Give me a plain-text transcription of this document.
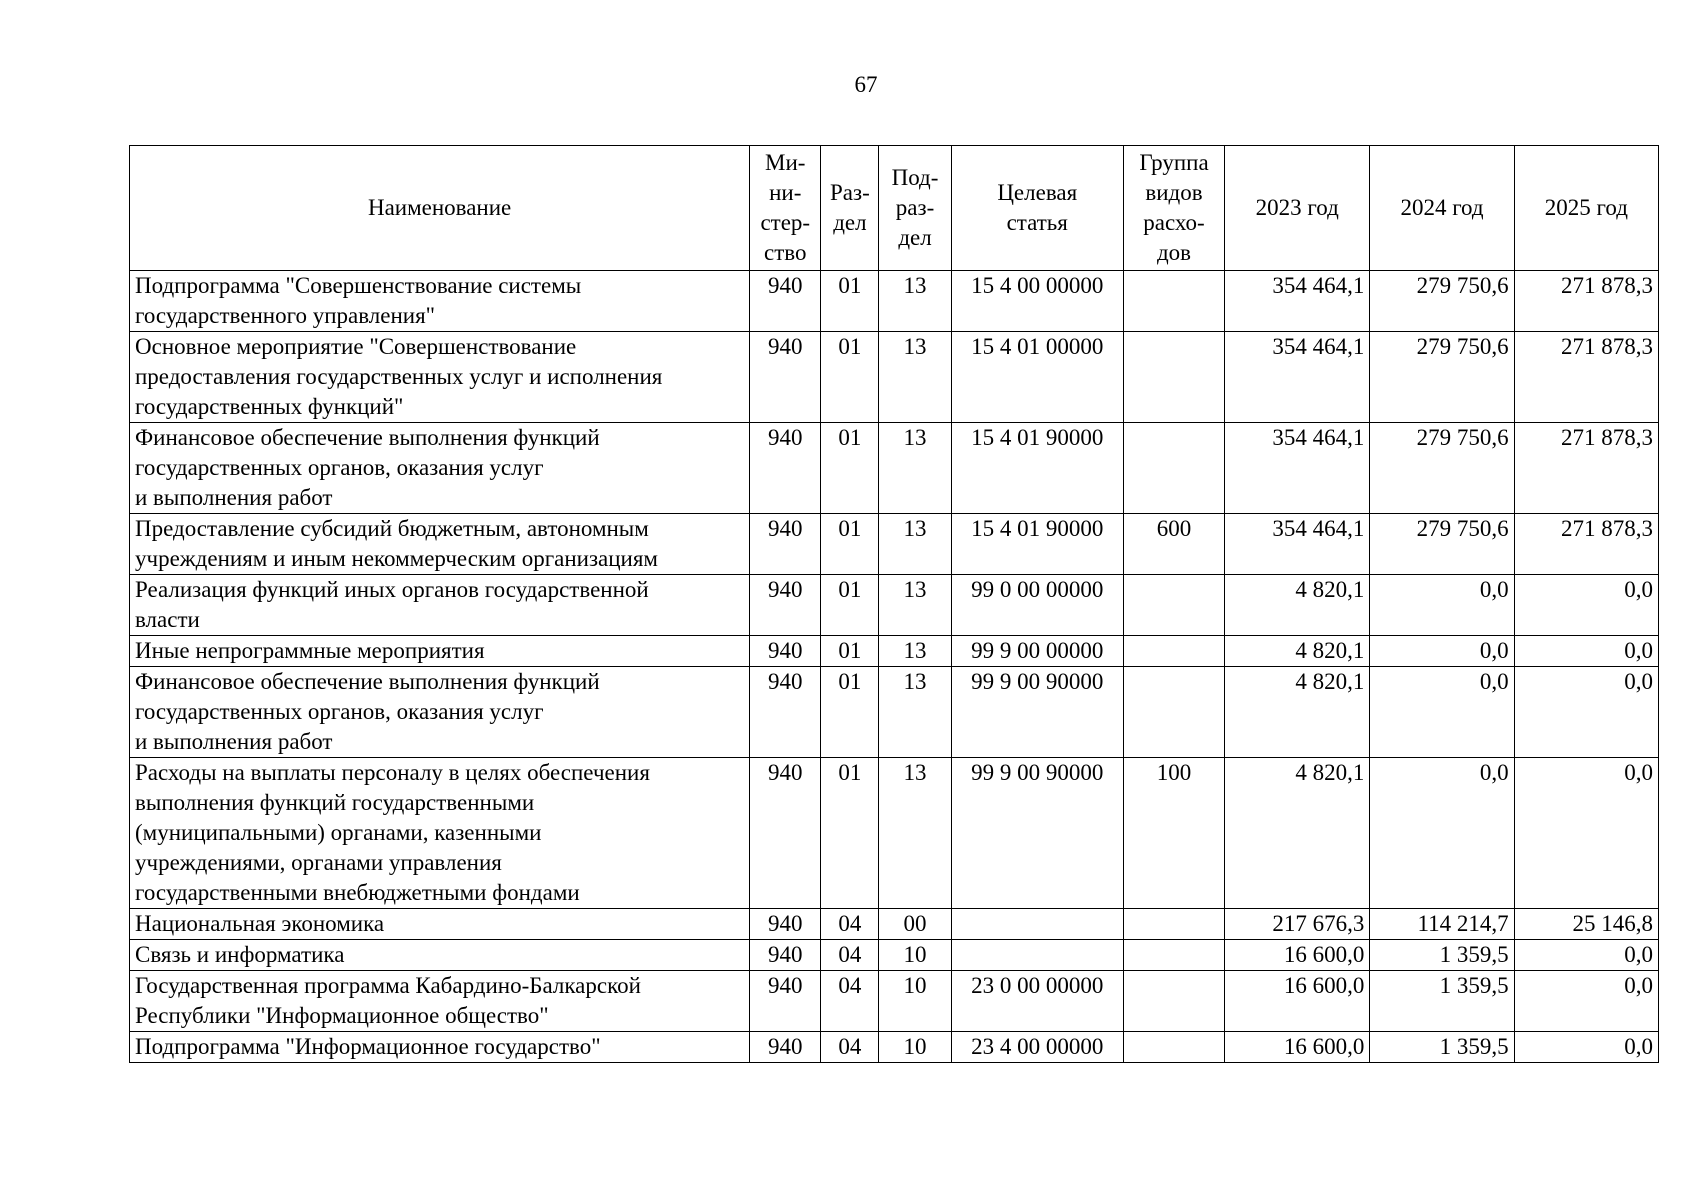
67
Наименование	Ми-
ни-
стер-
ство	Раз-
дел	Под-
раз-
дел	Целевая
статья	Группа
видов
расхо-
дов	2023 год	2024 год	2025 год

Подпрограмма "Совершенствование системы
государственного управления"	940	01	13	15 4 00 00000		354 464,1	279 750,6	271 878,3
Основное мероприятие "Совершенствование
предоставления государственных услуг и исполнения
государственных функций"	940	01	13	15 4 01 00000		354 464,1	279 750,6	271 878,3
Финансовое обеспечение выполнения функций
государственных органов, оказания услуг
и выполнения работ	940	01	13	15 4 01 90000		354 464,1	279 750,6	271 878,3
Предоставление субсидий бюджетным, автономным
учреждениям и иным некоммерческим организациям	940	01	13	15 4 01 90000	600	354 464,1	279 750,6	271 878,3
Реализация функций иных органов государственной
власти	940	01	13	99 0 00 00000		4 820,1	0,0	0,0
Иные непрограммные мероприятия	940	01	13	99 9 00 00000		4 820,1	0,0	0,0
Финансовое обеспечение выполнения функций
государственных органов, оказания услуг
и выполнения работ	940	01	13	99 9 00 90000		4 820,1	0,0	0,0
Расходы на выплаты персоналу в целях обеспечения
выполнения функций государственными
(муниципальными) органами, казенными
учреждениями, органами управления
государственными внебюджетными фондами	940	01	13	99 9 00 90000	100	4 820,1	0,0	0,0
Национальная экономика	940	04	00			217 676,3	114 214,7	25 146,8
Связь и информатика	940	04	10			16 600,0	1 359,5	0,0
Государственная программа Кабардино-Балкарской
Республики "Информационное общество"	940	04	10	23 0 00 00000		16 600,0	1 359,5	0,0
Подпрограмма "Информационное государство"	940	04	10	23 4 00 00000		16 600,0	1 359,5	0,0
